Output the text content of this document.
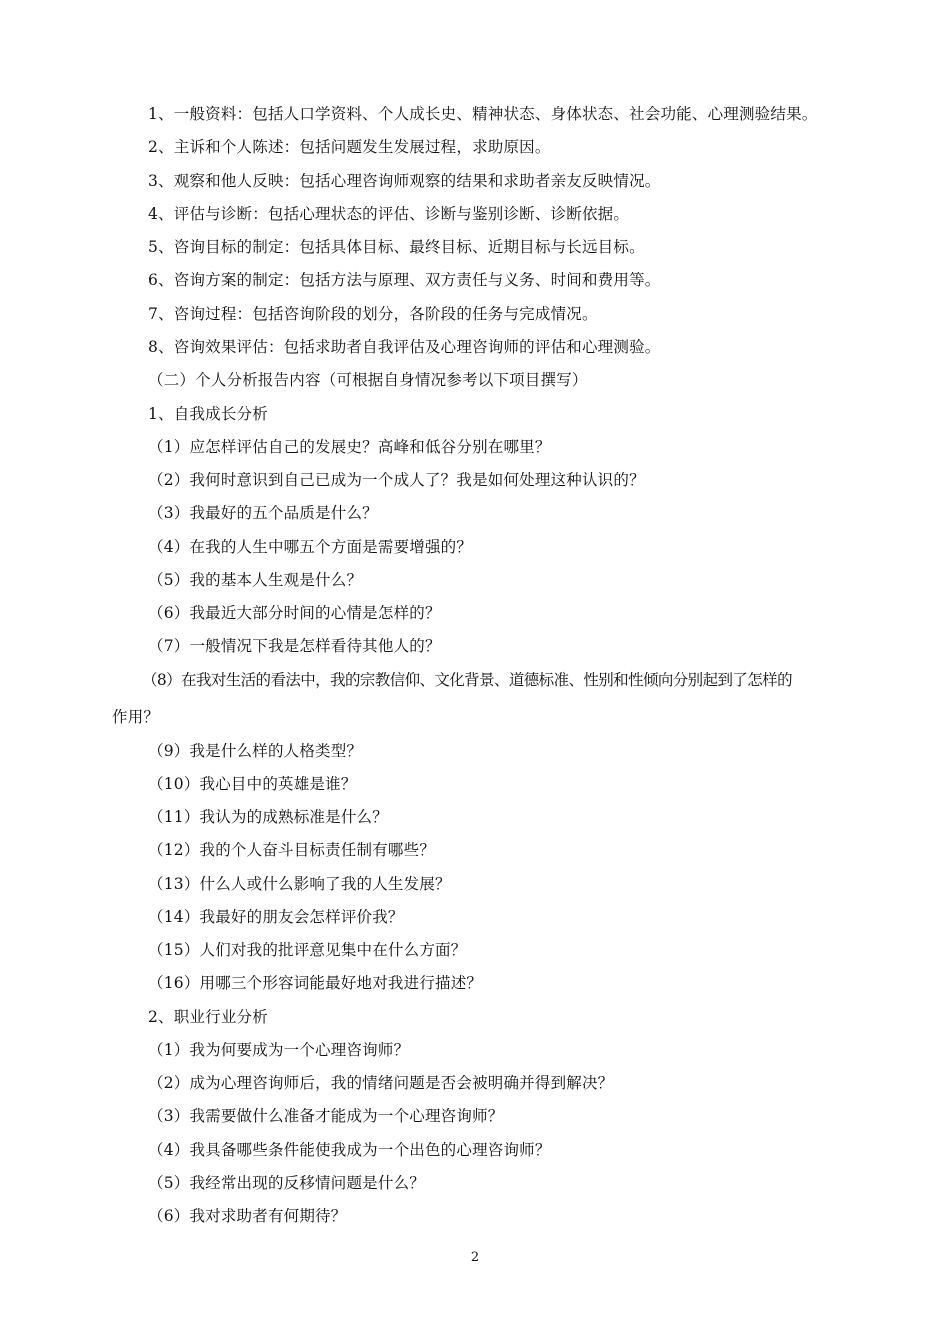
1、一般资料：包括人口学资料、个人成长史、精神状态、身体状态、社会功能、心理测验结果。
2、主诉和个人陈述：包括问题发生发展过程，求助原因。
3、观察和他人反映：包括心理咨询师观察的结果和求助者亲友反映情况。
4、评估与诊断：包括心理状态的评估、诊断与鉴别诊断、诊断依据。
5、咨询目标的制定：包括具体目标、最终目标、近期目标与长远目标。
6、咨询方案的制定：包括方法与原理、双方责任与义务、时间和费用等。
7、咨询过程：包括咨询阶段的划分，各阶段的任务与完成情况。
8、咨询效果评估：包括求助者自我评估及心理咨询师的评估和心理测验。
（二）个人分析报告内容（可根据自身情况参考以下项目撰写）
1、自我成长分析
（1）应怎样评估自己的发展史？高峰和低谷分别在哪里？
（2）我何时意识到自己已成为一个成人了？我是如何处理这种认识的？
（3）我最好的五个品质是什么？
（4）在我的人生中哪五个方面是需要增强的？
（5）我的基本人生观是什么？
（6）我最近大部分时间的心情是怎样的？
（7）一般情况下我是怎样看待其他人的？
（8）在我对生活的看法中，我的宗教信仰、文化背景、道德标准、性别和性倾向分别起到了怎样的
作用？
（9）我是什么样的人格类型？
（10）我心目中的英雄是谁？
（11）我认为的成熟标准是什么？
（12）我的个人奋斗目标责任制有哪些？
（13）什么人或什么影响了我的人生发展？
（14）我最好的朋友会怎样评价我？
（15）人们对我的批评意见集中在什么方面？
（16）用哪三个形容词能最好地对我进行描述？
2、职业行业分析
（1）我为何要成为一个心理咨询师？
（2）成为心理咨询师后，我的情绪问题是否会被明确并得到解决？
（3）我需要做什么准备才能成为一个心理咨询师？
（4）我具备哪些条件能使我成为一个出色的心理咨询师？
（5）我经常出现的反移情问题是什么？
（6）我对求助者有何期待？
2
